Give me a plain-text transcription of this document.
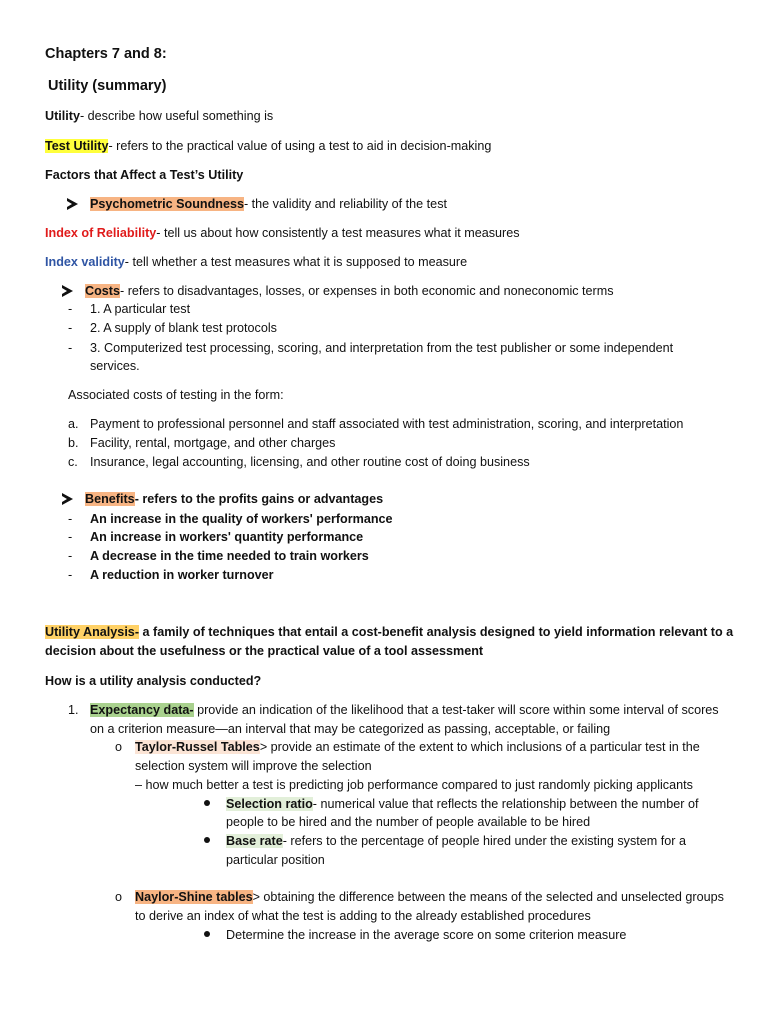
Chapters 7 and 8:
Utility (summary)
Utility- describe how useful something is
Test Utility- refers to the practical value of using a test to aid in decision-making
Factors that Affect a Test’s Utility
Psychometric Soundness- the validity and reliability of the test
Index of Reliability- tell us about how consistently a test measures what it measures
Index validity- tell whether a test measures what it is supposed to measure
Costs- refers to disadvantages, losses, or expenses in both economic and noneconomic terms
- 1. A particular test
- 2. A supply of blank test protocols
- 3. Computerized test processing, scoring, and interpretation from the test publisher or some independent
services.
Associated costs of testing in the form:
a. Payment to professional personnel and staff associated with test administration, scoring, and interpretation
b. Facility, rental, mortgage, and other charges
c. Insurance, legal accounting, licensing, and other routine cost of doing business
Benefits- refers to the profits gains or advantages
- An increase in the quality of workers' performance
- An increase in workers' quantity performance
- A decrease in the time needed to train workers
- A reduction in worker turnover
Utility Analysis- a family of techniques that entail a cost-benefit analysis designed to yield information relevant to a
decision about the usefulness or the practical value of a tool assessment
How is a utility analysis conducted?
1. Expectancy data- provide an indication of the likelihood that a test-taker will score within some interval of scores
on a criterion measure—an interval that may be categorized as passing, acceptable, or failing
o Taylor-Russel Tables> provide an estimate of the extent to which inclusions of a particular test in the
selection system will improve the selection
– how much better a test is predicting job performance compared to just randomly picking applicants
Selection ratio- numerical value that reflects the relationship between the number of
people to be hired and the number of people available to be hired
Base rate- refers to the percentage of people hired under the existing system for a
particular position
o Naylor-Shine tables> obtaining the difference between the means of the selected and unselected groups
to derive an index of what the test is adding to the already established procedures
Determine the increase in the average score on some criterion measure
